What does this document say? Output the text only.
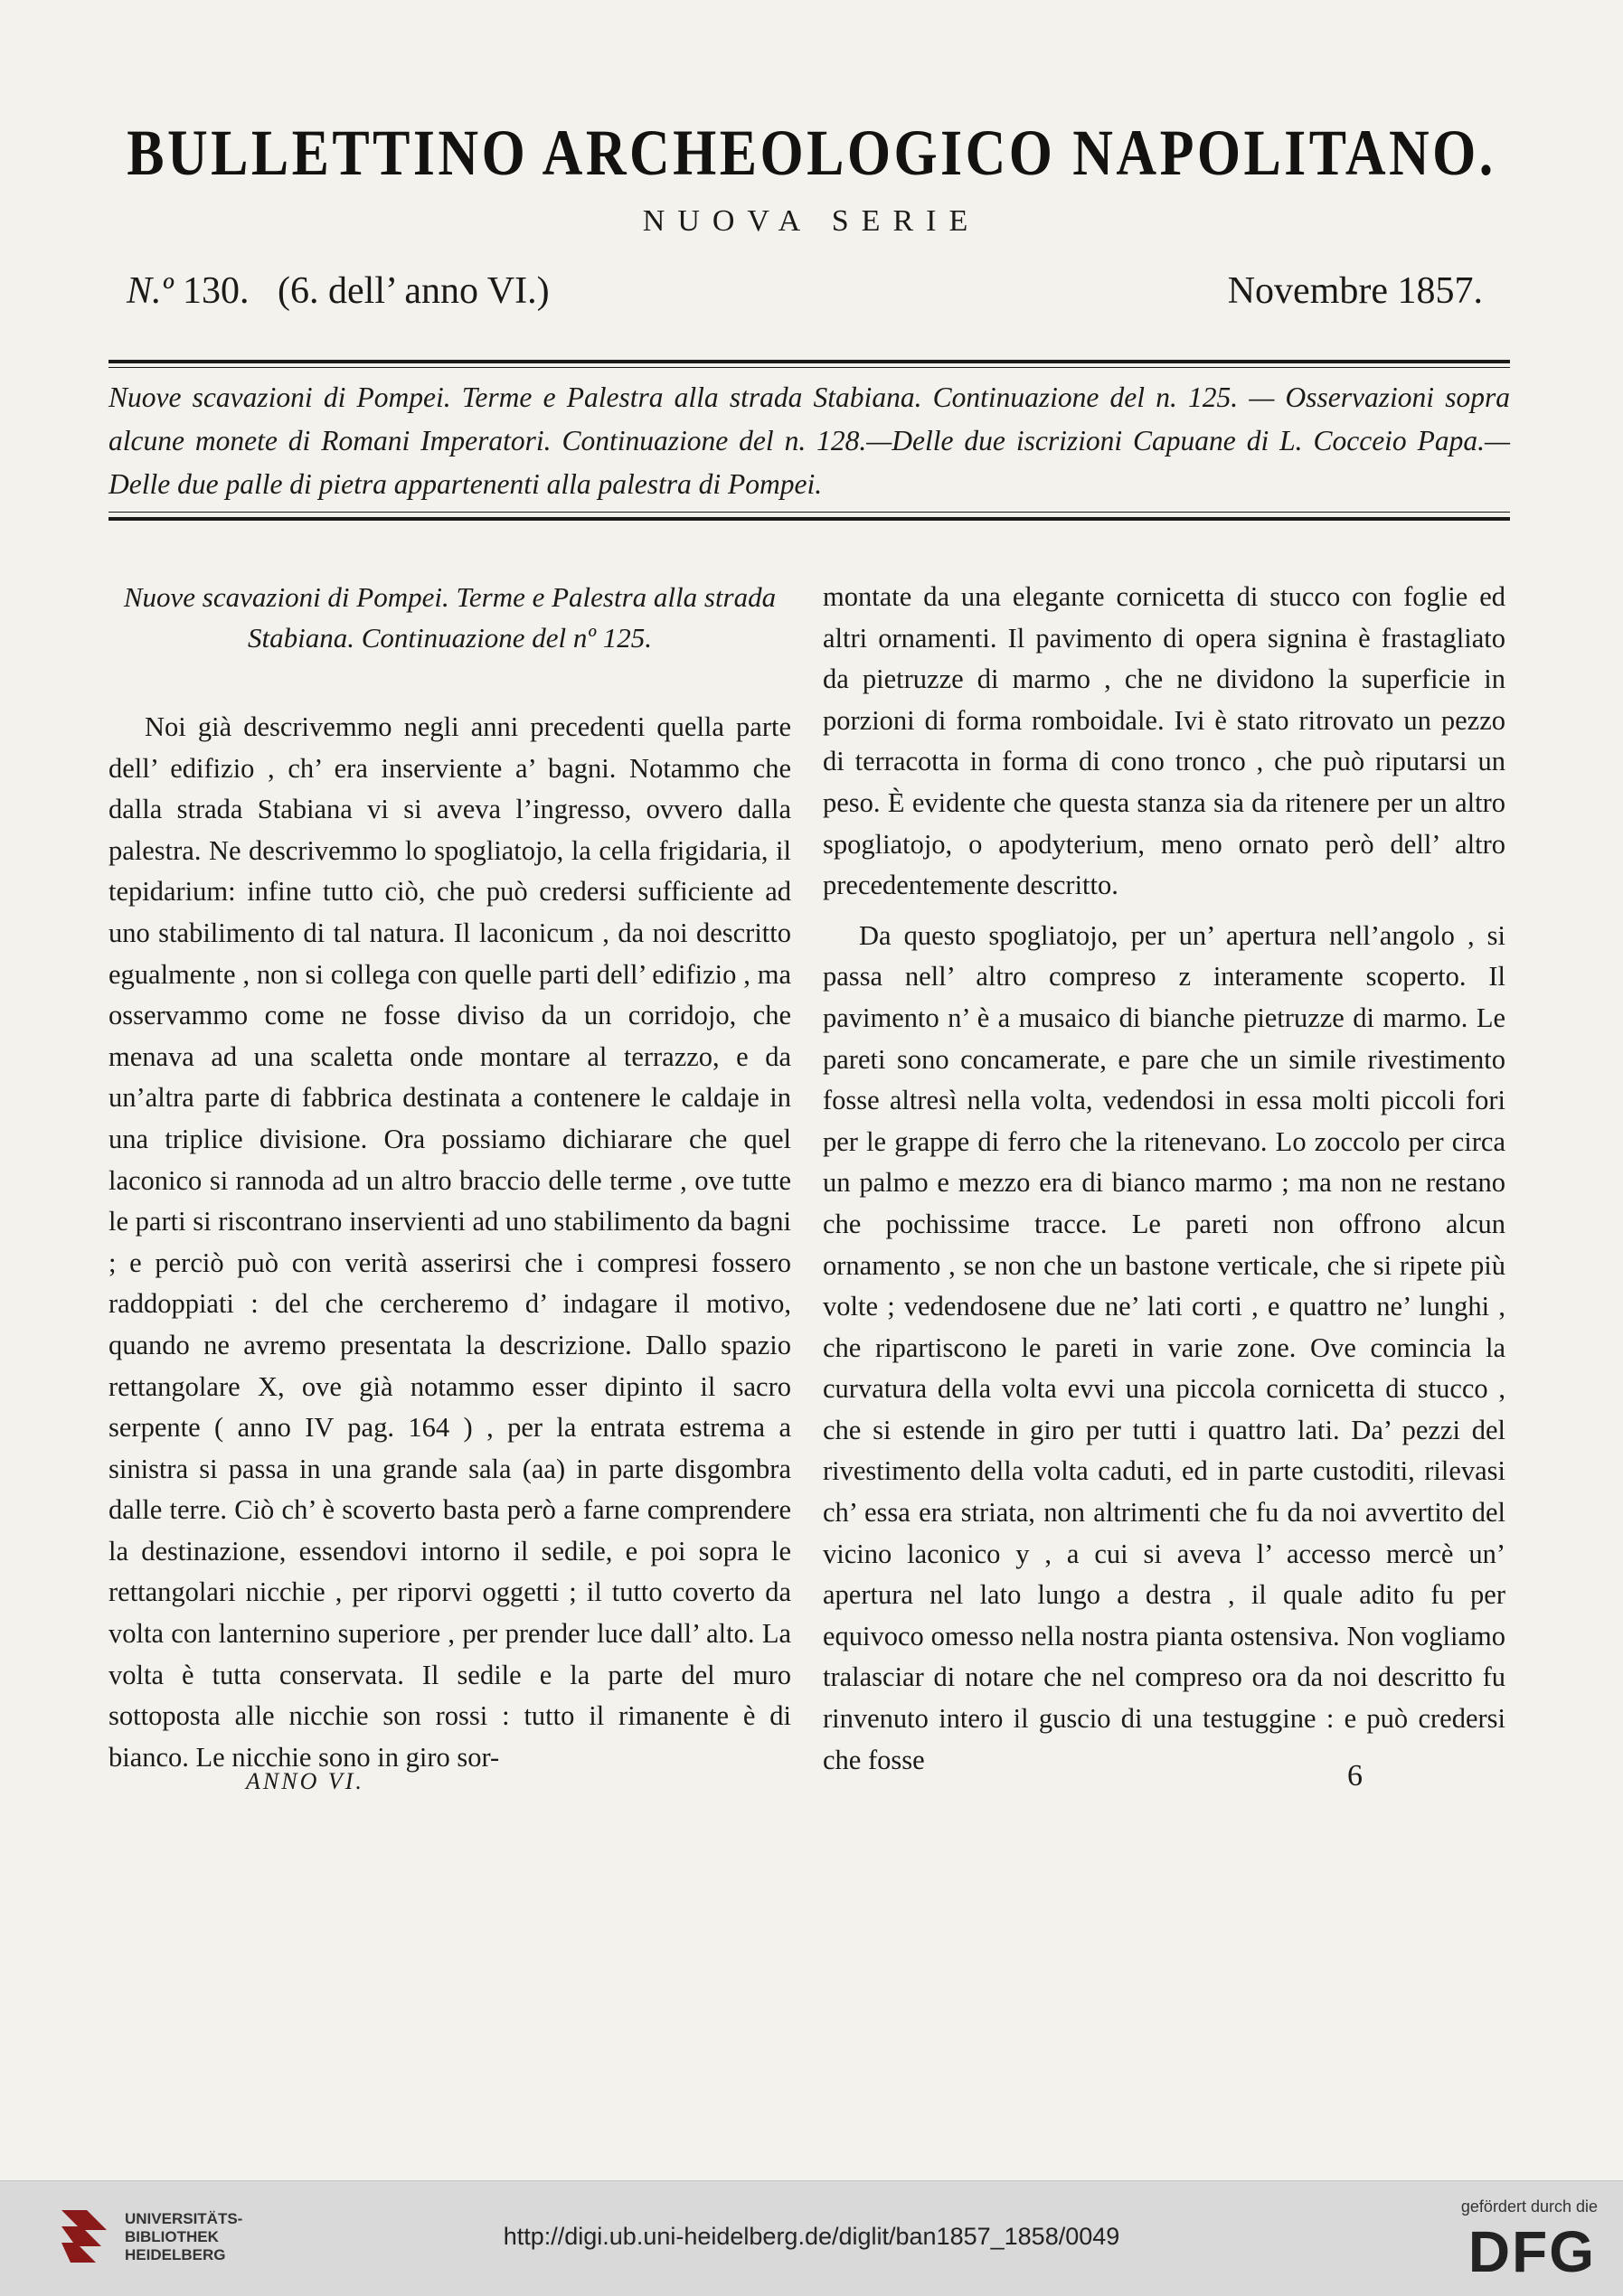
BULLETTINO ARCHEOLOGICO NAPOLITANO.
NUOVA SERIE
N.º 130. (6. dell’ anno VI.)	Novembre 1857.
Nuove scavazioni di Pompei. Terme e Palestra alla strada Stabiana. Continuazione del n. 125. — Osservazioni sopra alcune monete di Romani Imperatori. Continuazione del n. 128.—Delle due iscrizioni Capuane di L. Cocceio Papa.—Delle due palle di pietra appartenenti alla palestra di Pompei.
Nuove scavazioni di Pompei. Terme e Palestra alla strada Stabiana. Continuazione del nº 125.

Noi già descrivemmo negli anni precedenti quella parte dell’ edifizio , ch’ era inserviente a’ bagni. Notammo che dalla strada Stabiana vi si aveva l’ingresso, ovvero dalla palestra. Ne descrivemmo lo spogliatojo, la cella frigidaria, il tepidarium: infine tutto ciò, che può credersi sufficiente ad uno stabilimento di tal natura. Il laconicum , da noi descritto egualmente , non si collega con quelle parti dell’ edifizio , ma osservammo come ne fosse diviso da un corridojo, che menava ad una scaletta onde montare al terrazzo, e da un’altra parte di fabbrica destinata a contenere le caldaje in una triplice divisione. Ora possiamo dichiarare che quel laconico si rannoda ad un altro braccio delle terme , ove tutte le parti si riscontrano inservienti ad uno stabilimento da bagni ; e perciò può con verità asserirsi che i compresi fossero raddoppiati : del che cercheremo d’ indagare il motivo, quando ne avremo presentata la descrizione. Dallo spazio rettangolare X, ove già notammo esser dipinto il sacro serpente ( anno IV pag. 164 ) , per la entrata estrema a sinistra si passa in una grande sala (aa) in parte disgombra dalle terre. Ciò ch’ è scoverto basta però a farne comprendere la destinazione, essendovi intorno il sedile, e poi sopra le rettangolari nicchie , per riporvi oggetti ; il tutto coverto da volta con lanternino superiore , per prender luce dall’ alto. La volta è tutta conservata. Il sedile e la parte del muro sottoposta alle nicchie son rossi : tutto il rimanente è di bianco. Le nicchie sono in giro sor-

montate da una elegante cornicetta di stucco con foglie ed altri ornamenti. Il pavimento di opera signina è frastagliato da pietruzze di marmo , che ne dividono la superficie in porzioni di forma romboidale. Ivi è stato ritrovato un pezzo di terracotta in forma di cono tronco , che può riputarsi un peso. È evidente che questa stanza sia da ritenere per un altro spogliatojo, o apodyterium, meno ornato però dell’ altro precedentemente descritto.

Da questo spogliatojo, per un’ apertura nell’angolo , si passa nell’ altro compreso z interamente scoperto. Il pavimento n’ è a musaico di bianche pietruzze di marmo. Le pareti sono concamerate, e pare che un simile rivestimento fosse altresì nella volta, vedendosi in essa molti piccoli fori per le grappe di ferro che la ritenevano. Lo zoccolo per circa un palmo e mezzo era di bianco marmo ; ma non ne restano che pochissime tracce. Le pareti non offrono alcun ornamento , se non che un bastone verticale, che si ripete più volte ; vedendosene due ne’ lati corti , e quattro ne’ lunghi , che ripartiscono le pareti in varie zone. Ove comincia la curvatura della volta evvi una piccola cornicetta di stucco , che si estende in giro per tutti i quattro lati. Da’ pezzi del rivestimento della volta caduti, ed in parte custoditi, rilevasi ch’ essa era striata, non altrimenti che fu da noi avvertito del vicino laconico y , a cui si aveva l’ accesso mercè un’ apertura nel lato lungo a destra , il quale adito fu per equivoco omesso nella nostra pianta ostensiva. Non vogliamo tralasciar di notare che nel compreso ora da noi descritto fu rinvenuto intero il guscio di una testuggine : e può credersi che fosse

ANNO VI.	6
UNIVERSITÄTS-
BIBLIOTHEK
HEIDELBERG
http://digi.ub.uni-heidelberg.de/diglit/ban1857_1858/0049
gefördert durch die
DFG
